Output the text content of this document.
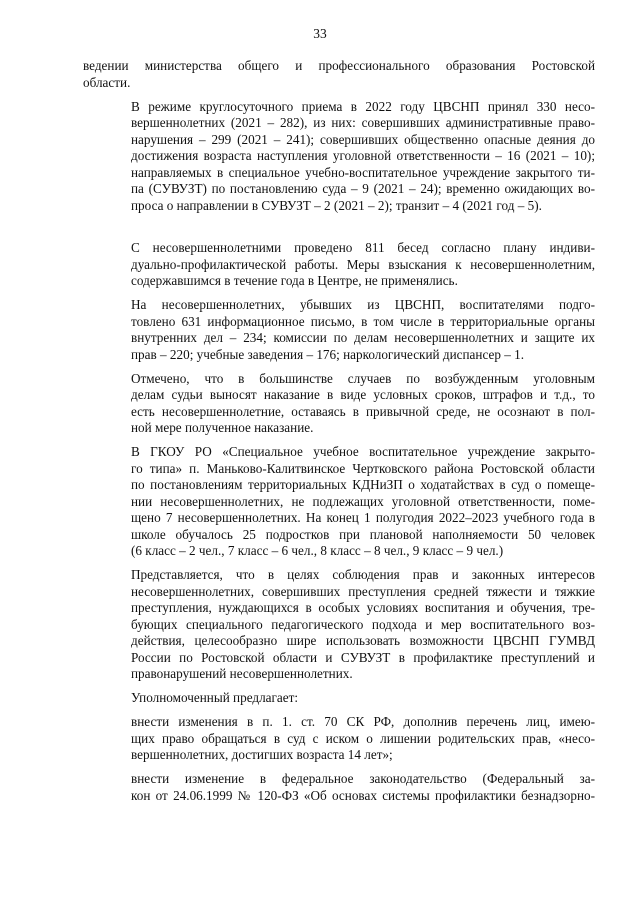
33

ведении министерства общего и профессионального образования Ростовской
области.

В режиме круглосуточного приема в 2022 году ЦВСНП принял 330 несо-
вершеннолетних (2021 – 282), из них: совершивших административные право-
нарушения – 299 (2021 – 241); совершивших общественно опасные деяния до
достижения возраста наступления уголовной ответственности – 16 (2021 – 10);
направляемых в специальное учебно-воспитательное учреждение закрытого ти-
па (СУВУЗТ) по постановлению суда – 9 (2021 – 24); временно ожидающих во-
проса о направлении в СУВУЗТ – 2 (2021 – 2); транзит – 4 (2021 год – 5).

С несовершеннолетними проведено 811 бесед согласно плану индиви-
дуально-профилактической работы. Меры взыскания к несовершеннолетним,
содержавшимся в течение года в Центре, не применялись.

На несовершеннолетних, убывших из ЦВСНП, воспитателями подго-
товлено 631 информационное письмо, в том числе в территориальные органы
внутренних дел – 234; комиссии по делам несовершеннолетних и защите их
прав – 220; учебные заведения – 176; наркологический диспансер – 1.

Отмечено, что в большинстве случаев по возбужденным уголовным
делам судьи выносят наказание в виде условных сроков, штрафов и т.д., то
есть несовершеннолетние, оставаясь в привычной среде, не осознают в пол-
ной мере полученное наказание.

В ГКОУ РО «Специальное учебное воспитательное учреждение закрыто-
го типа» п. Маньково-Калитвинское Чертковского района Ростовской области
по постановлениям территориальных КДНиЗП о ходатайствах в суд о помеще-
нии несовершеннолетних, не подлежащих уголовной ответственности, поме-
щено 7 несовершеннолетних. На конец 1 полугодия 2022–2023 учебного года в
школе обучалось 25 подростков при плановой наполняемости 50 человек
(6 класс – 2 чел., 7 класс – 6 чел., 8 класс – 8 чел., 9 класс – 9 чел.)

Представляется, что в целях соблюдения прав и законных интересов
несовершеннолетних, совершивших преступления средней тяжести и тяжкие
преступления, нуждающихся в особых условиях воспитания и обучения, тре-
бующих специального педагогического подхода и мер воспитательного воз-
действия, целесообразно шире использовать возможности ЦВСНП ГУМВД
России по Ростовской области и СУВУЗТ в профилактике преступлений и
правонарушений несовершеннолетних.

Уполномоченный предлагает:

внести изменения в п. 1. ст. 70 СК РФ, дополнив перечень лиц, имею-
щих право обращаться в суд с иском о лишении родительских прав, «несо-
вершеннолетних, достигших возраста 14 лет»;

внести изменение в федеральное законодательство (Федеральный за-
кон от 24.06.1999 № 120-ФЗ «Об основах системы профилактики безнадзорно-
